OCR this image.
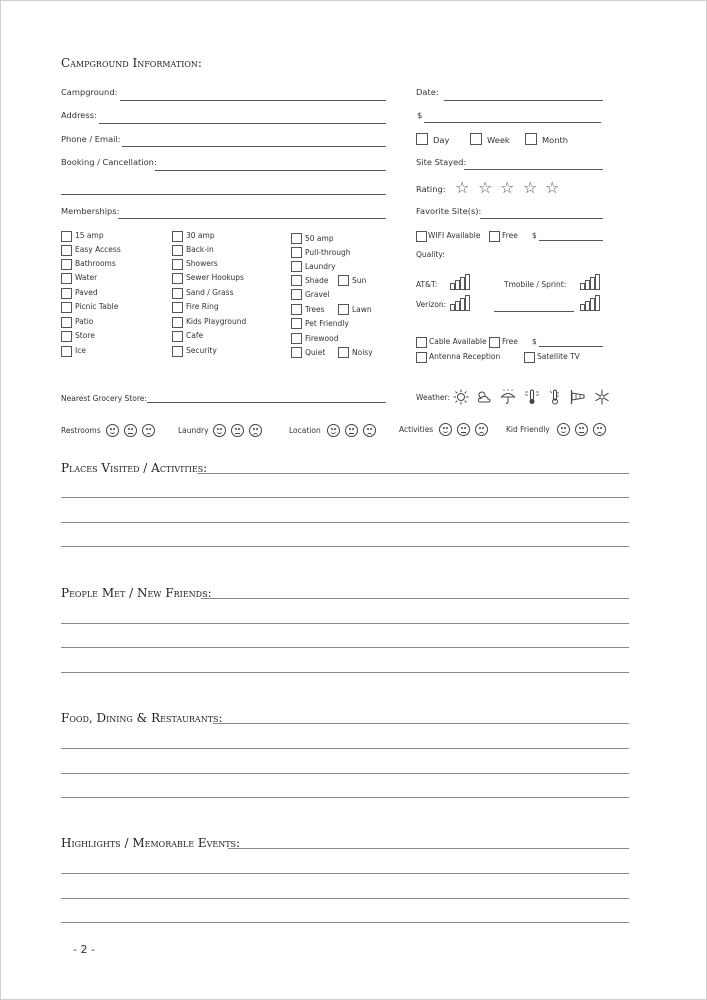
Campground Information:
Campground:
Address:
Phone / Email:
Booking / Cancellation:
Memberships:
15 amp
Easy Access
Bathrooms
Water
Paved
Picnic Table
Patio
Store
Ice
30 amp
Back-in
Showers
Sewer Hookups
Sand / Grass
Fire Ring
Kids Playground
Cafe
Security
50 amp
Pull-through
Laundry
Shade	Sun
Gravel
Trees	Lawn
Pet Friendly
Firewood
Quiet	Noisy
Date:
$
Day	Week	Month
Site Stayed:
Rating: ☆ ☆ ☆ ☆ ☆
Favorite Site(s):
WIFI Available	Free $
Quality:
AT&T:	Tmobile / Sprint:
Verizon:
Cable Available Free $
Antenna Reception	Satellite TV
Nearest Grocery Store:	Weather:
Restrooms	Laundry	Location	Activities	Kid Friendly
Places Visited / Activities:
People Met / New Friends:
Food, Dining & Restaurants:
Highlights / Memorable Events:
- 2 -
